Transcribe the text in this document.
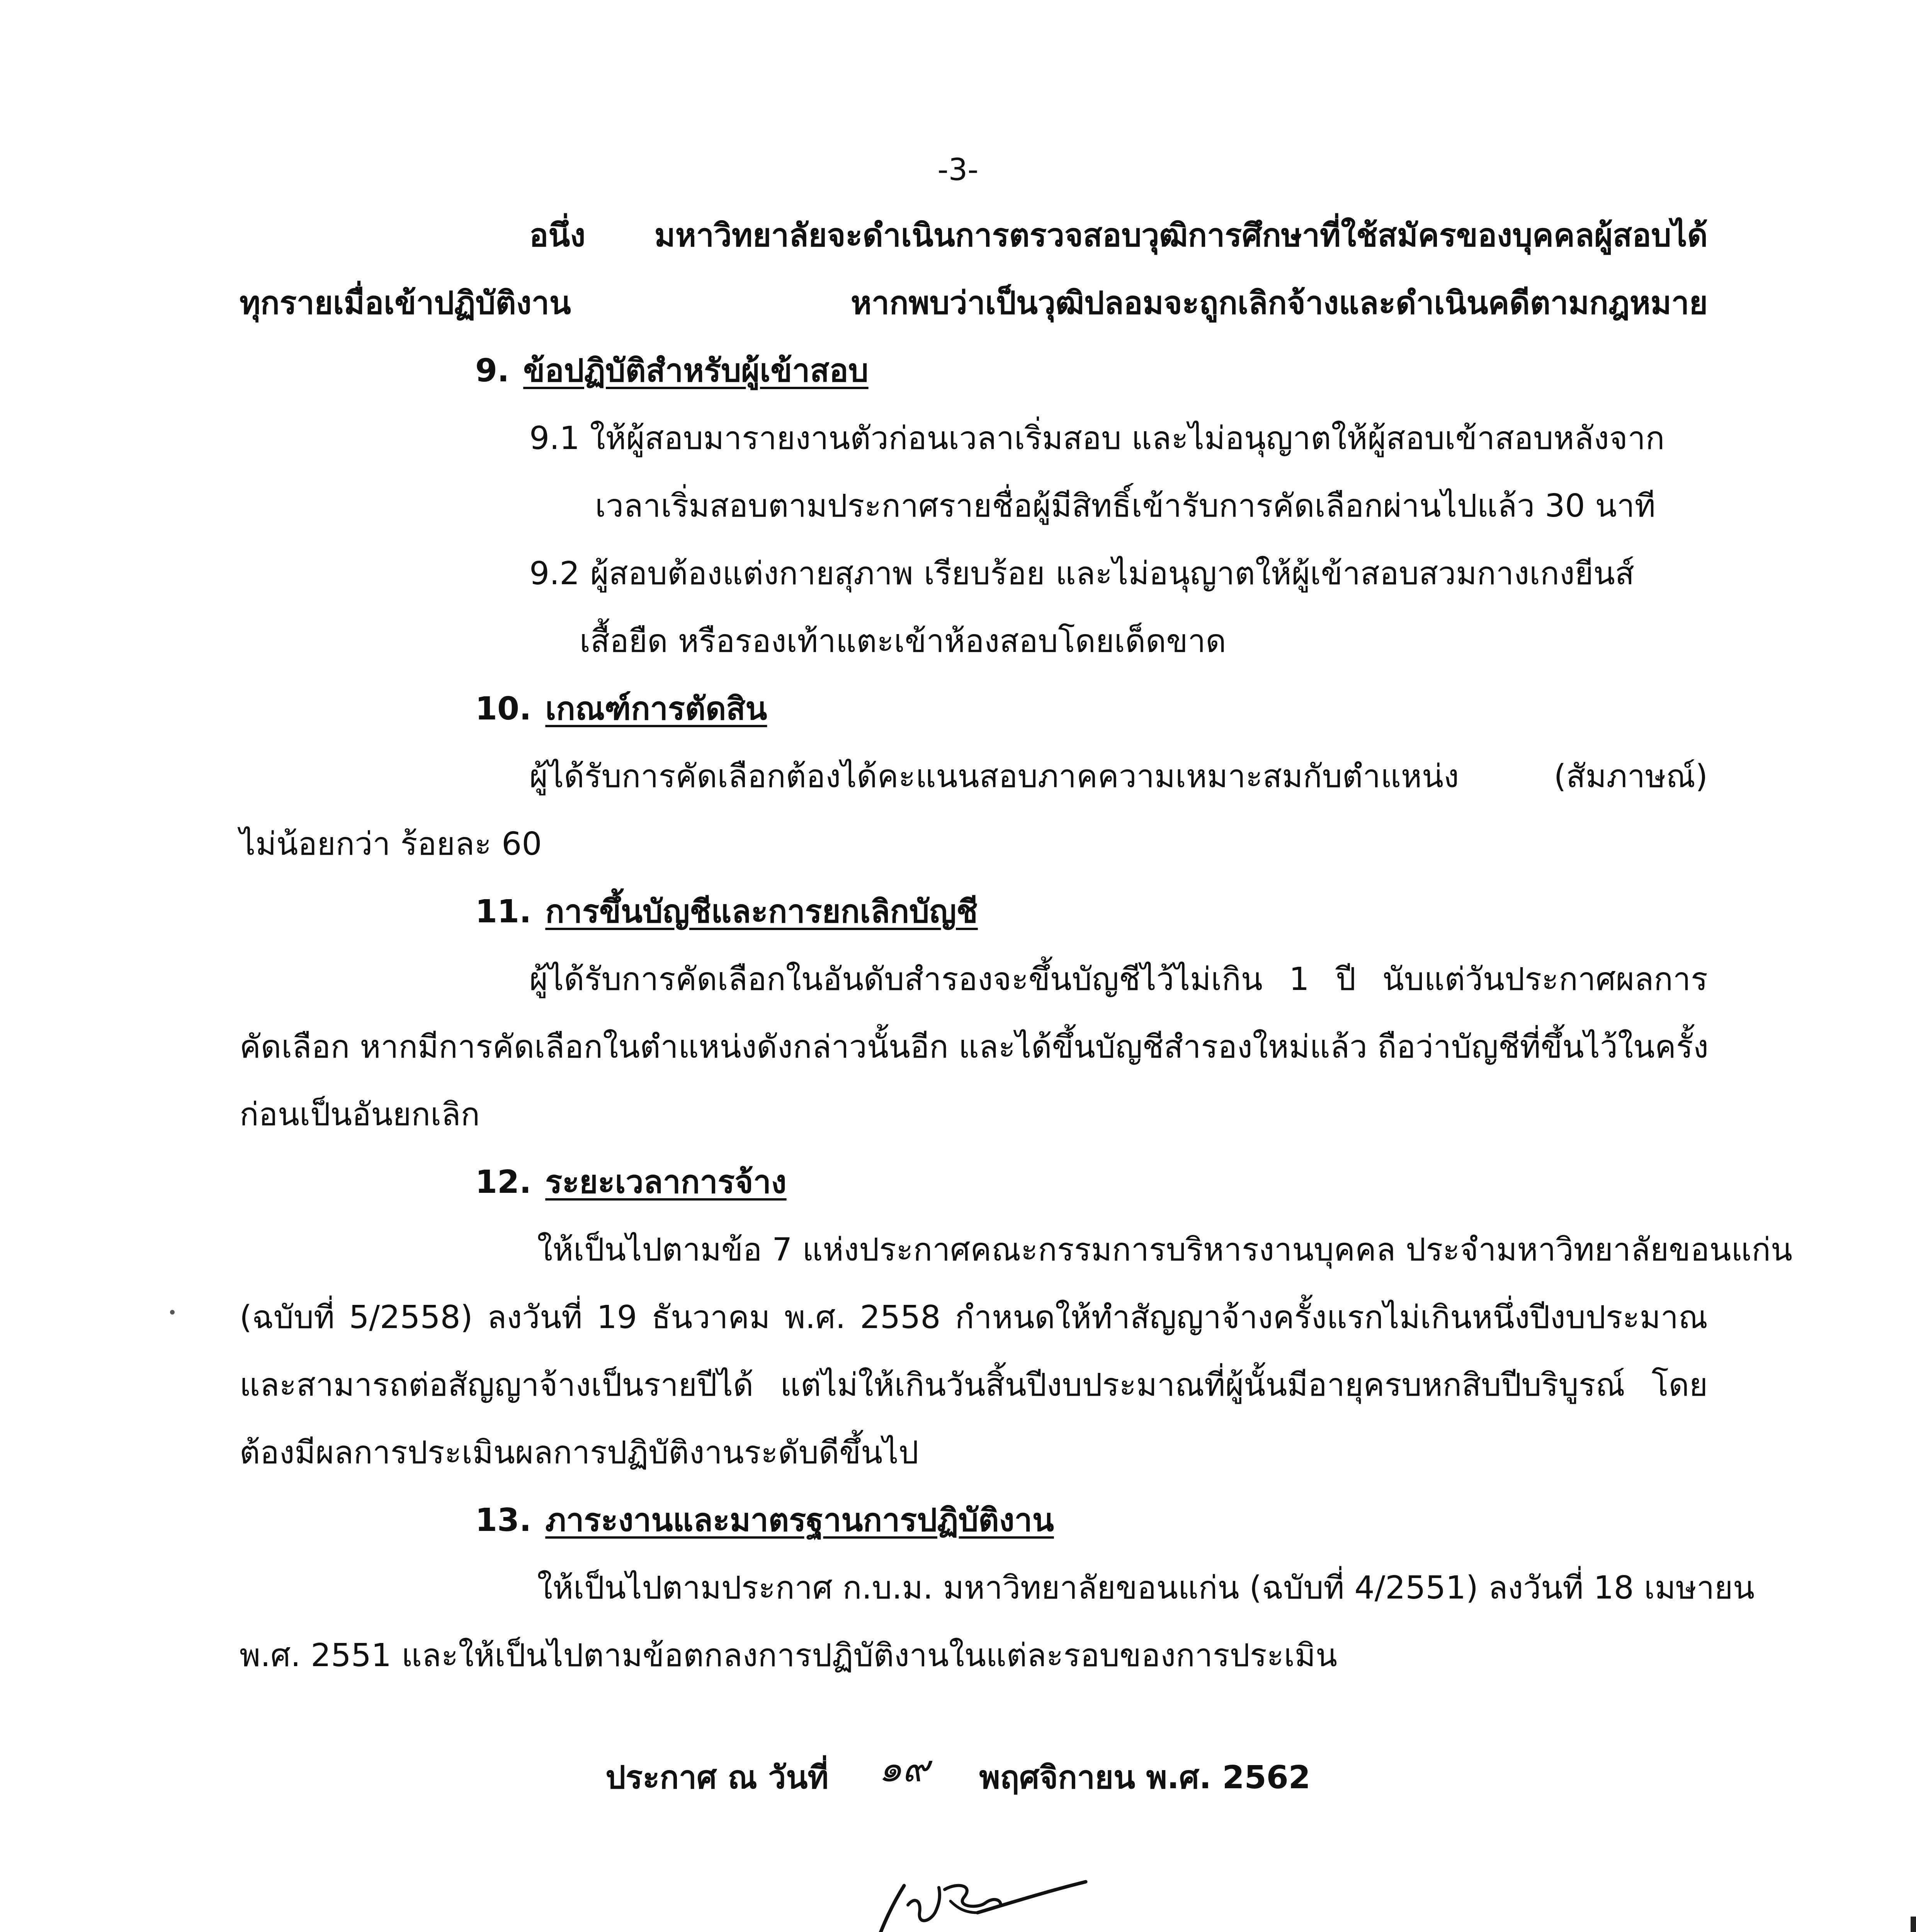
-3-

อนึ่ง มหาวิทยาลัยจะดำเนินการตรวจสอบวุฒิการศึกษาที่ใช้สมัครของบุคคลผู้สอบได้

ทุกรายเมื่อเข้าปฏิบัติงาน หากพบว่าเป็นวุฒิปลอมจะถูกเลิกจ้างและดำเนินคดีตามกฎหมาย

9. ข้อปฏิบัติสำหรับผู้เข้าสอบ

9.1 ให้ผู้สอบมารายงานตัวก่อนเวลาเริ่มสอบ และไม่อนุญาตให้ผู้สอบเข้าสอบหลังจาก

เวลาเริ่มสอบตามประกาศรายชื่อผู้มีสิทธิ์เข้ารับการคัดเลือกผ่านไปแล้ว 30 นาที

9.2 ผู้สอบต้องแต่งกายสุภาพ เรียบร้อย และไม่อนุญาตให้ผู้เข้าสอบสวมกางเกงยีนส์

เสื้อยืด หรือรองเท้าแตะเข้าห้องสอบโดยเด็ดขาด

10. เกณฑ์การตัดสิน

ผู้ได้รับการคัดเลือกต้องได้คะแนนสอบภาคความเหมาะสมกับตำแหน่ง (สัมภาษณ์)

ไม่น้อยกว่า ร้อยละ 60

11. การขึ้นบัญชีและการยกเลิกบัญชี

ผู้ได้รับการคัดเลือกในอันดับสำรองจะขึ้นบัญชีไว้ไม่เกิน 1 ปี นับแต่วันประกาศผลการ

คัดเลือก หากมีการคัดเลือกในตำแหน่งดังกล่าวนั้นอีก และได้ขึ้นบัญชีสำรองใหม่แล้ว ถือว่าบัญชีที่ขึ้นไว้ในครั้ง

ก่อนเป็นอันยกเลิก

12. ระยะเวลาการจ้าง

ให้เป็นไปตามข้อ 7 แห่งประกาศคณะกรรมการบริหารงานบุคคล ประจำมหาวิทยาลัยขอนแก่น

(ฉบับที่ 5/2558) ลงวันที่ 19 ธันวาคม พ.ศ. 2558 กำหนดให้ทำสัญญาจ้างครั้งแรกไม่เกินหนึ่งปีงบประมาณ

และสามารถต่อสัญญาจ้างเป็นรายปีได้ แต่ไม่ให้เกินวันสิ้นปีงบประมาณที่ผู้นั้นมีอายุครบหกสิบปีบริบูรณ์ โดย

ต้องมีผลการประเมินผลการปฏิบัติงานระดับดีขึ้นไป

13. ภาระงานและมาตรฐานการปฏิบัติงาน

ให้เป็นไปตามประกาศ ก.บ.ม. มหาวิทยาลัยขอนแก่น (ฉบับที่ 4/2551) ลงวันที่ 18 เมษายน

พ.ศ. 2551 และให้เป็นไปตามข้อตกลงการปฏิบัติงานในแต่ละรอบของการประเมิน

ประกาศ ณ วันที่ ๑๙ พฤศจิกายน พ.ศ. 2562
